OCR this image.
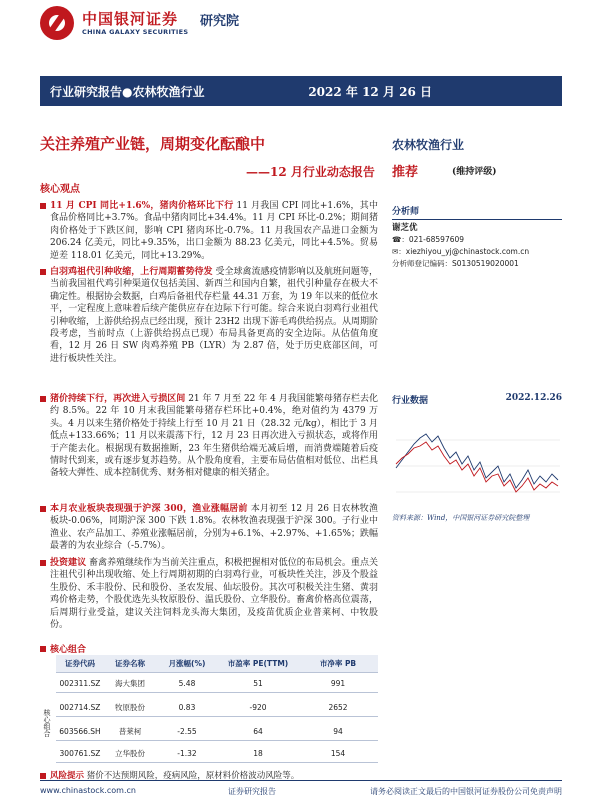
中国银河证券 研究院
CHINA GALAXY SECURITIES
行业研究报告●农林牧渔行业	2022 年 12 月 26 日
关注养殖产业链，周期变化酝酿中
——12 月行业动态报告
核心观点
农林牧渔行业
推荐	(维持评级)
11 月 CPI 同比+1.6%，猪肉价格环比下行 11 月我国 CPI 同比+1.6%，其中食品价格同比+3.7%。食品中猪肉同比+34.4%。11 月 CPI 环比-0.2%；期间猪肉价格处于下跌区间，影响 CPI 猪肉环比-0.7%。11 月我国农产品进口金额为 206.24 亿美元，同比+9.35%，出口金额为 88.23 亿美元，同比+4.5%。贸易逆差 118.01 亿美元，同比+13.29%。
白羽鸡祖代引种收缩，上行周期蓄势待发 受全球禽流感疫情影响以及航班问题等，当前我国祖代鸡引种渠道仅包括美国、新西兰和国内自繁，祖代引种量存在极大不确定性。根据协会数据，白鸡后备祖代存栏量 44.31 万套，为 19 年以来的低位水平，一定程度上意味着后续产能供应存在边际下行可能。综合来说白羽鸡行业祖代引种收缩，上游供给拐点已经出现，预计 23H2 出现下游毛鸡供给拐点。从周期阶段考虑，当前时点（上游供给拐点已现）布局具备更高的安全边际。从估值角度看，12 月 26 日 SW 肉鸡养殖 PB（LYR）为 2.87 倍，处于历史底部区间，可进行板块性关注。
猪价持续下行，再次进入亏损区间 21 年 7 月至 22 年 4 月我国能繁母猪存栏去化约 8.5%。22 年 10 月末我国能繁母猪存栏环比+0.4%，绝对值约为 4379 万头。4 月以来生猪价格处于持续上行至 10 月 21 日（28.32 元/kg），相比于 3 月低点+133.66%；11 月以来震荡下行，12 月 23 日再次进入亏损状态，或将作用于产能去化。根据现有数据推断，23 年生猪供给端无减后增，而消费端随着后疫情时代到来，或有逐步复苏趋势。从个股角度看，主要布局估值相对低位、出栏具备较大弹性、成本控制优秀、财务相对健康的相关猪企。
本月农业板块表现强于沪深 300，渔业涨幅居前 本月初至 12 月 26 日农林牧渔板块-0.06%，同期沪深 300 下跌 1.8%。农林牧渔表现强于沪深 300。子行业中渔业、农产品加工、养殖业涨幅居前，分别为+6.1%、+2.97%、+1.65%；跌幅最著的为农业综合（-5.7%）。
投资建议 畜禽养殖继续作为当前关注重点，积极把握相对低位的布局机会。重点关注祖代引种出现收缩、处上行周期初期的白羽鸡行业，可板块性关注，涉及个股益生股份、禾丰股份、民和股份、圣农发展、仙坛股份。其次可积极关注生猪、黄羽鸡价格走势，个股优选先头牧原股份、温氏股份、立华股份。畜禽价格高位震荡，后周期行业受益，建议关注饲料龙头海大集团，及疫苗优质企业普莱柯、中牧股份。
分析师
谢芝优
☎：021-68597609
✉：xiezhiyou_yj@chinastock.com.cn
分析师登记编码：S0130519020001
行业数据	2022.12.26
资料来源：Wind，中国银河证券研究院整理
核心组合
核心组合
证券代码	证券名称	月涨幅(%)	市盈率 PE(TTM)	市净率 PB
002311.SZ	海大集团	5.48	51	991
002714.SZ	牧原股份	0.83	-920	2652
603566.SH	普莱柯	-2.55	64	94
300761.SZ	立华股份	-1.32	18	154
风险提示 猪价不达预期风险，疫病风险，原材料价格波动风险等。
www.chinastock.com.cn	证券研究报告	请务必阅读正文最后的中国银河证券股份公司免责声明
